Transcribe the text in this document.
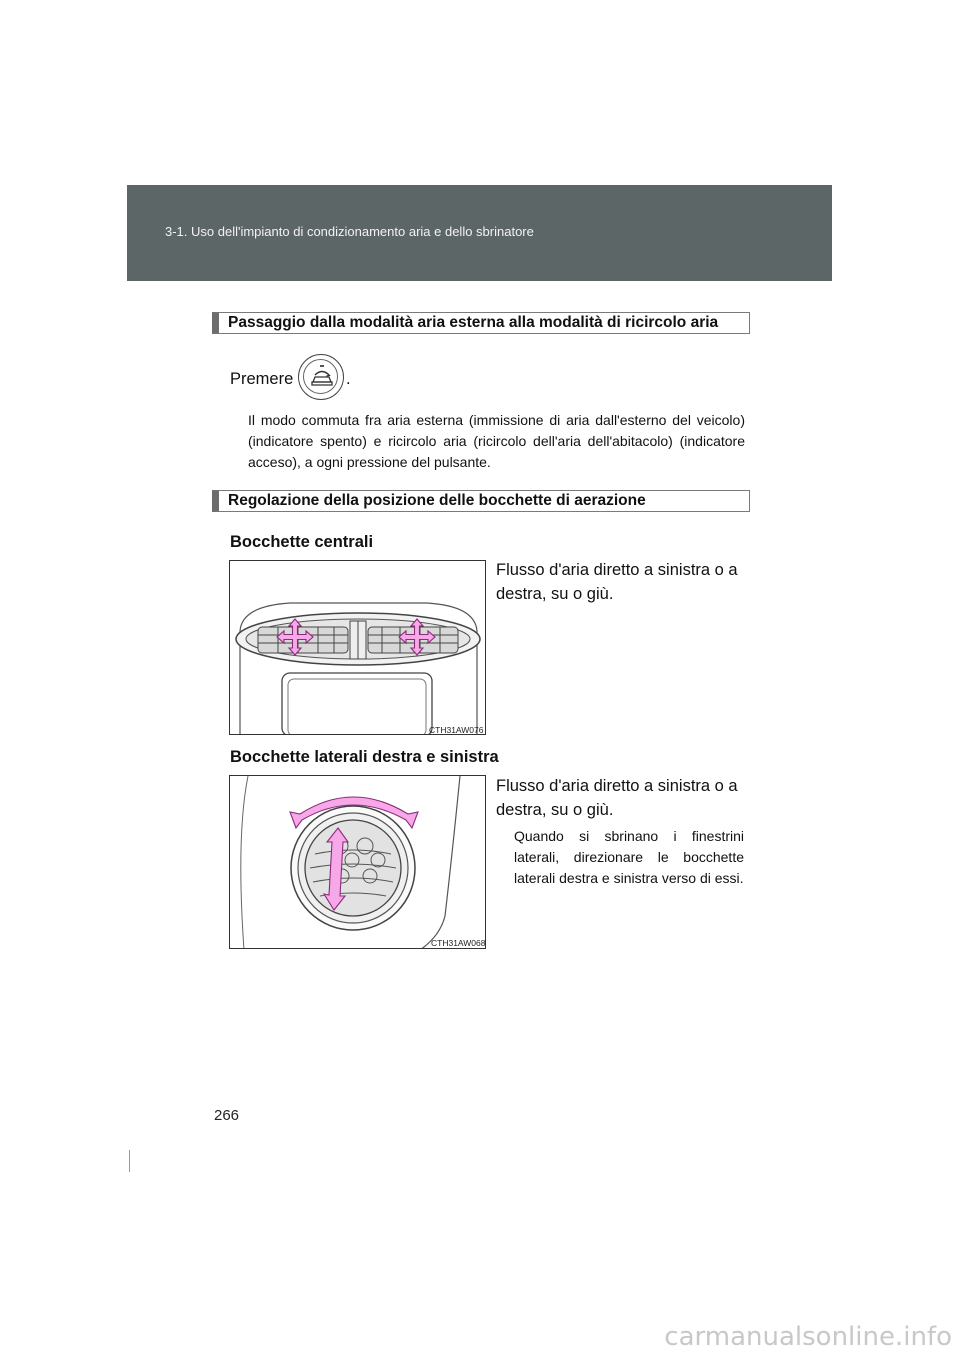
3-1. Uso dell'impianto di condizionamento aria e dello sbrinatore
Passaggio dalla modalità aria esterna alla modalità di ricircolo aria
Premere	.
Il modo commuta fra aria esterna (immissione di aria dall'esterno del veicolo) (indicatore spento) e ricircolo aria (ricircolo dell'aria dell'abitacolo) (indicatore acceso), a ogni pressione del pulsante.
Regolazione della posizione delle bocchette di aerazione
Bocchette centrali
Flusso d'aria diretto a sinistra o a
destra, su o giù.
CTH31AW076
Bocchette laterali destra e sinistra
Flusso d'aria diretto a sinistra o a
destra, su o giù.
Quando si sbrinano i finestrini laterali, direzionare le bocchette laterali destra e sinistra verso di essi.
CTH31AW068
266
carmanualsonline.info
